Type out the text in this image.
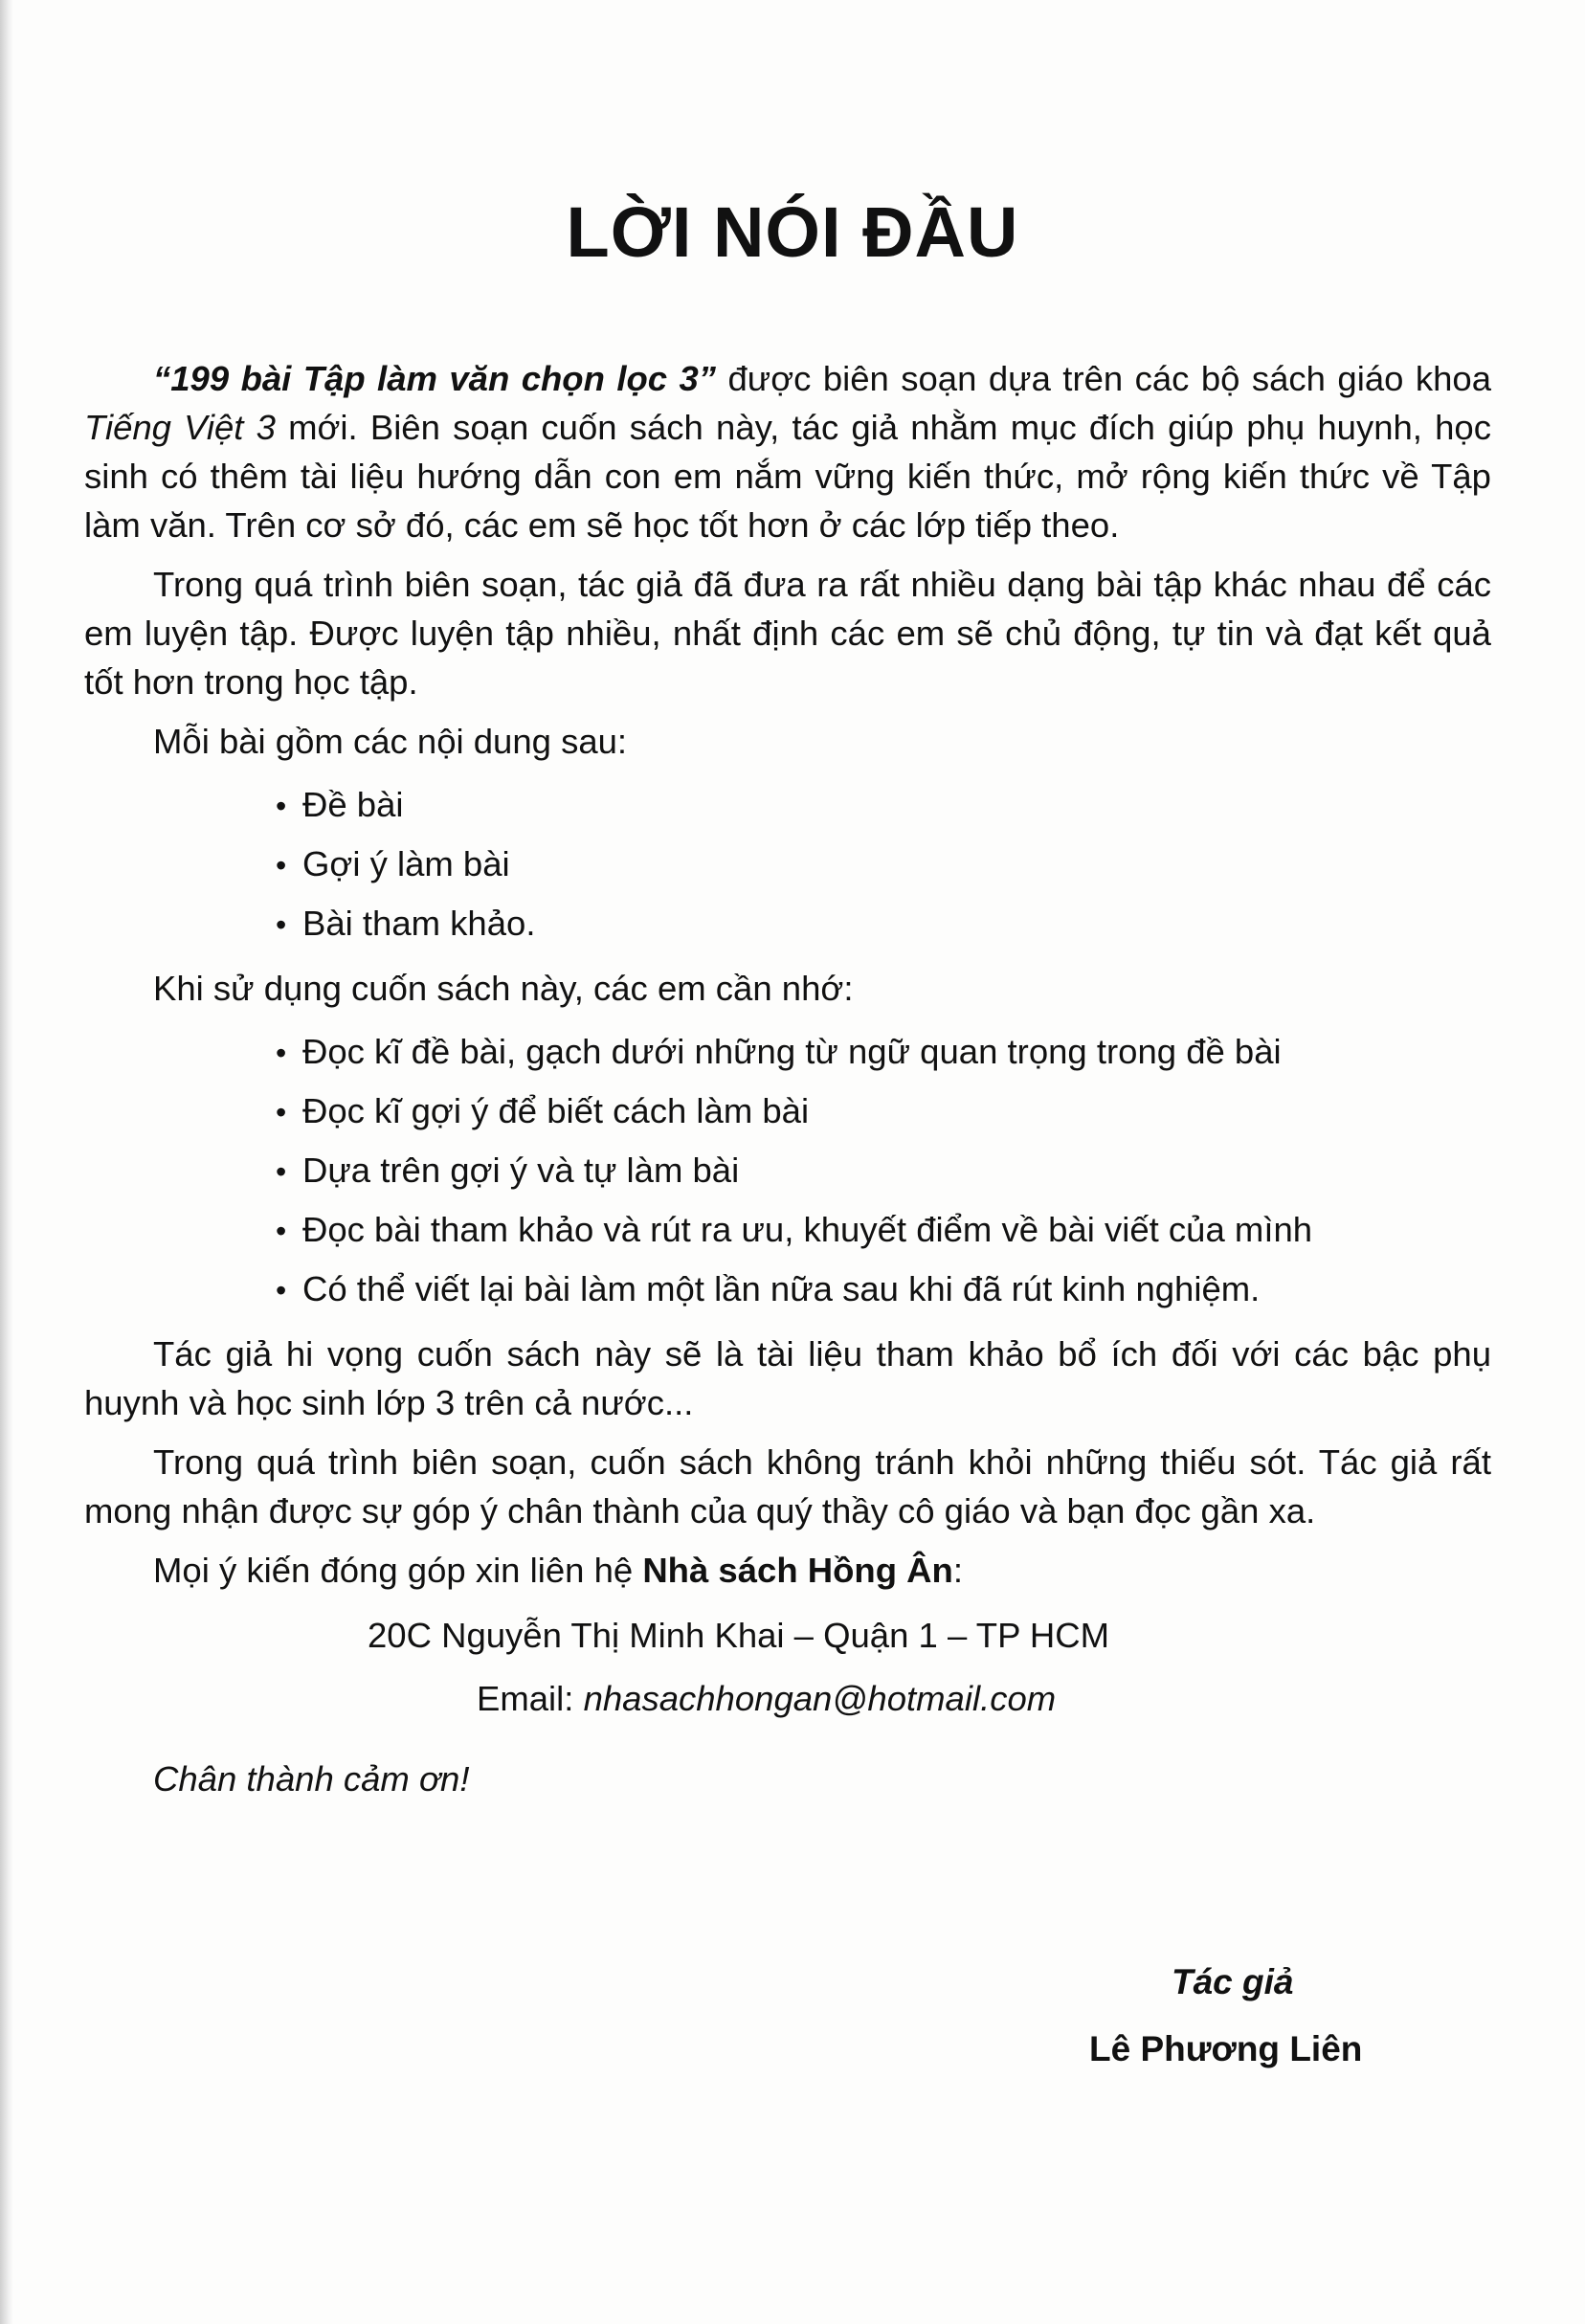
LỜI NÓI ĐẦU

“199 bài Tập làm văn chọn lọc 3” được biên soạn dựa trên các bộ sách giáo khoa Tiếng Việt 3 mới. Biên soạn cuốn sách này, tác giả nhằm mục đích giúp phụ huynh, học sinh có thêm tài liệu hướng dẫn con em nắm vững kiến thức, mở rộng kiến thức về Tập làm văn. Trên cơ sở đó, các em sẽ học tốt hơn ở các lớp tiếp theo.

Trong quá trình biên soạn, tác giả đã đưa ra rất nhiều dạng bài tập khác nhau để các em luyện tập. Được luyện tập nhiều, nhất định các em sẽ chủ động, tự tin và đạt kết quả tốt hơn trong học tập.

Mỗi bài gồm các nội dung sau:

• Đề bài
• Gợi ý làm bài
• Bài tham khảo.

Khi sử dụng cuốn sách này, các em cần nhớ:

• Đọc kĩ đề bài, gạch dưới những từ ngữ quan trọng trong đề bài
• Đọc kĩ gợi ý để biết cách làm bài
• Dựa trên gợi ý và tự làm bài
• Đọc bài tham khảo và rút ra ưu, khuyết điểm về bài viết của mình
• Có thể viết lại bài làm một lần nữa sau khi đã rút kinh nghiệm.

Tác giả hi vọng cuốn sách này sẽ là tài liệu tham khảo bổ ích đối với các bậc phụ huynh và học sinh lớp 3 trên cả nước...

Trong quá trình biên soạn, cuốn sách không tránh khỏi những thiếu sót. Tác giả rất mong nhận được sự góp ý chân thành của quý thầy cô giáo và bạn đọc gần xa.

Mọi ý kiến đóng góp xin liên hệ Nhà sách Hồng Ân:

20C Nguyễn Thị Minh Khai – Quận 1 – TP HCM

Email: nhasachhongan@hotmail.com

Chân thành cảm ơn!

Tác giả
Lê Phương Liên
